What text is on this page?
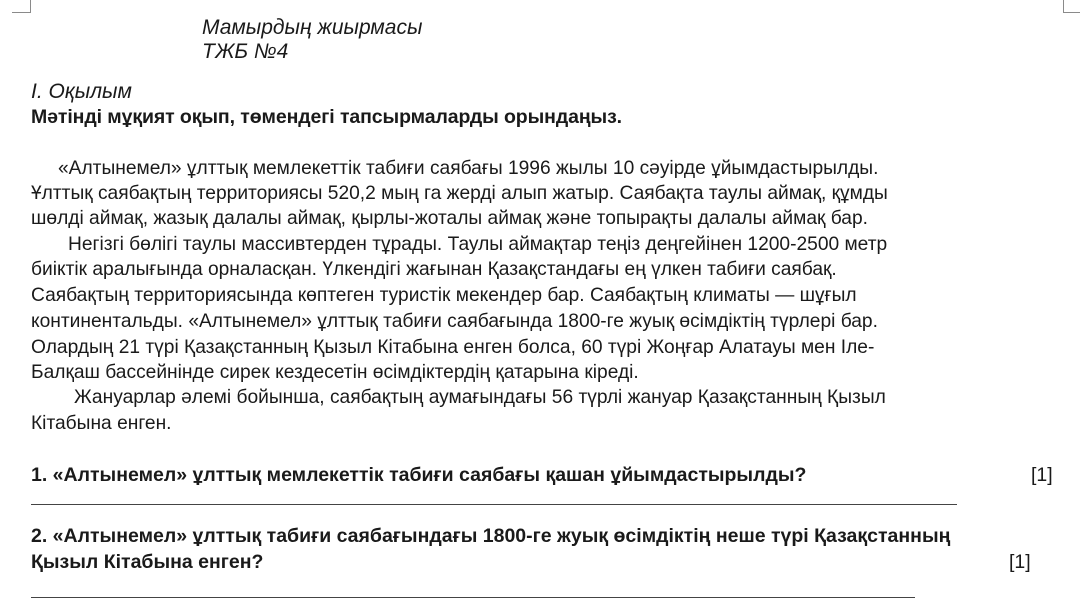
Мамырдың жиырмасы
ТЖБ №4
І. Оқылым
Мәтінді мұқият оқып, төмендегі тапсырмаларды орындаңыз.
«Алтынемел» ұлттық мемлекеттік табиғи саябағы 1996 жылы 10 сәуірде ұйымдастырылды.
Ұлттық саябақтың территориясы 520,2 мың га жерді алып жатыр. Саябақта таулы аймақ, құмды
шөлді аймақ, жазық далалы аймақ, қырлы-жоталы аймақ және топырақты далалы аймақ бар.
Негізгі бөлігі таулы массивтерден тұрады. Таулы аймақтар теңіз деңгейінен 1200-2500 метр
биіктік аралығында орналасқан. Үлкендігі жағынан Қазақстандағы ең үлкен табиғи саябақ.
Саябақтың территориясында көптеген туристік мекендер бар. Саябақтың климаты — шұғыл
континентальды. «Алтынемел» ұлттық табиғи саябағында 1800-ге жуық өсімдіктің түрлері бар.
Олардың 21 түрі Қазақстанның Қызыл Кітабына енген болса, 60 түрі Жоңғар Алатауы мен Іле-
Балқаш бассейнінде сирек кездесетін өсімдіктердің қатарына кіреді.
Жануарлар әлемі бойынша, саябақтың аумағындағы 56 түрлі жануар Қазақстанның Қызыл
Кітабына енген.
1. «Алтынемел» ұлттық мемлекеттік табиғи саябағы қашан ұйымдастырылды?	[1]
2. «Алтынемел» ұлттық табиғи саябағындағы 1800-ге жуық өсімдіктің неше түрі Қазақстанның
Қызыл Кітабына енген?	[1]
